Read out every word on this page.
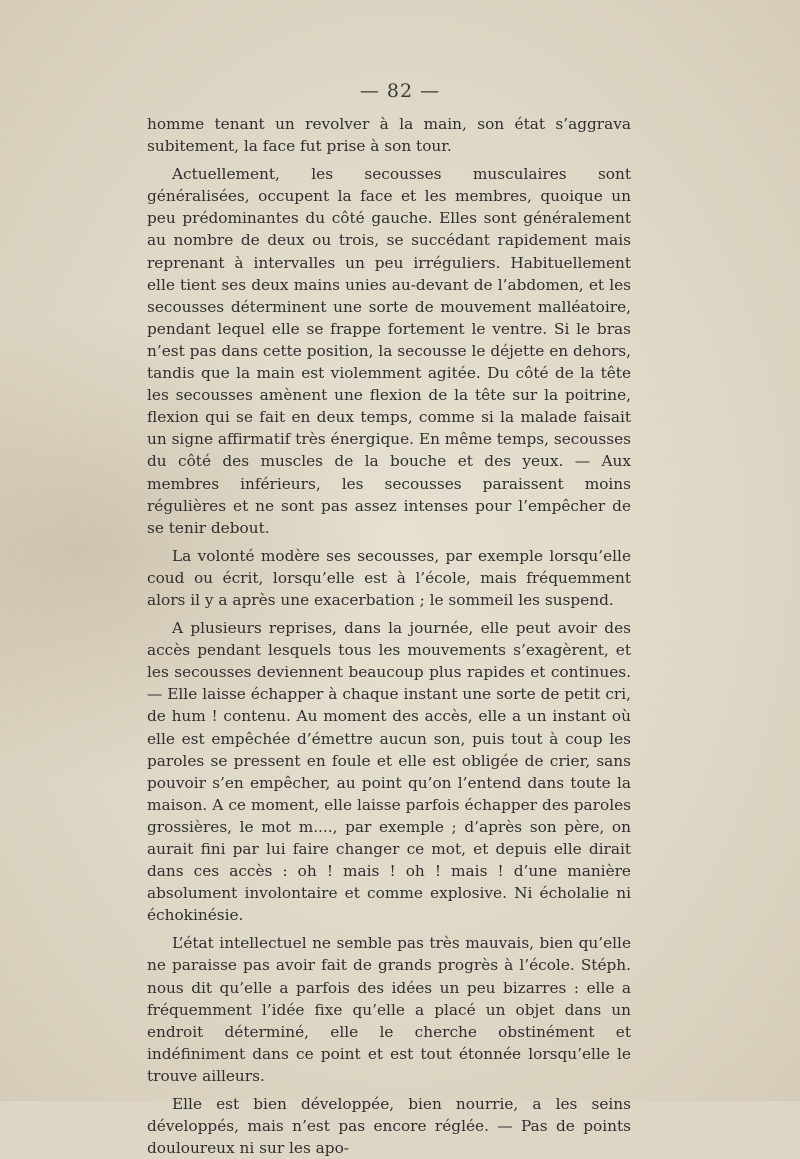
— 82 —

homme tenant un revolver à la main, son état s’aggrava subitement, la face fut prise à son tour.

Actuellement, les secousses musculaires sont généralisées, occupent la face et les membres, quoique un peu prédominantes du côté gauche. Elles sont généralement au nombre de deux ou trois, se succédant rapidement mais reprenant à intervalles un peu irréguliers. Habituellement elle tient ses deux mains unies au-devant de l’abdomen, et les secousses déterminent une sorte de mouvement malléatoire, pendant lequel elle se frappe fortement le ventre. Si le bras n’est pas dans cette position, la secousse le déjette en dehors, tandis que la main est violemment agitée. Du côté de la tête les secousses amènent une flexion de la tête sur la poitrine, flexion qui se fait en deux temps, comme si la malade faisait un signe affirmatif très énergique. En même temps, secousses du côté des muscles de la bouche et des yeux. — Aux membres inférieurs, les secousses paraissent moins régulières et ne sont pas assez intenses pour l’empêcher de se tenir debout.

La volonté modère ses secousses, par exemple lorsqu’elle coud ou écrit, lorsqu’elle est à l’école, mais fréquemment alors il y a après une exacerbation ; le sommeil les suspend.

A plusieurs reprises, dans la journée, elle peut avoir des accès pendant lesquels tous les mouvements s’exagèrent, et les secousses deviennent beaucoup plus rapides et continues. — Elle laisse échapper à chaque instant une sorte de petit cri, de hum ! contenu. Au moment des accès, elle a un instant où elle est empêchée d’émettre aucun son, puis tout à coup les paroles se pressent en foule et elle est obligée de crier, sans pouvoir s’en empêcher, au point qu’on l’entend dans toute la maison. A ce moment, elle laisse parfois échapper des paroles grossières, le mot m...., par exemple ; d’après son père, on aurait fini par lui faire changer ce mot, et depuis elle dirait dans ces accès : oh ! mais ! oh ! mais ! d’une manière absolument involontaire et comme explosive. Ni écholalie ni échokinésie.

L’état intellectuel ne semble pas très mauvais, bien qu’elle ne paraisse pas avoir fait de grands progrès à l’école. Stéph. nous dit qu’elle a parfois des idées un peu bizarres : elle a fréquemment l’idée fixe qu’elle a placé un objet dans un endroit déterminé, elle le cherche obstinément et indéfiniment dans ce point et est tout étonnée lorsqu’elle le trouve ailleurs.

Elle est bien développée, bien nourrie, a les seins développés, mais n’est pas encore réglée. — Pas de points douloureux ni sur les apo-
